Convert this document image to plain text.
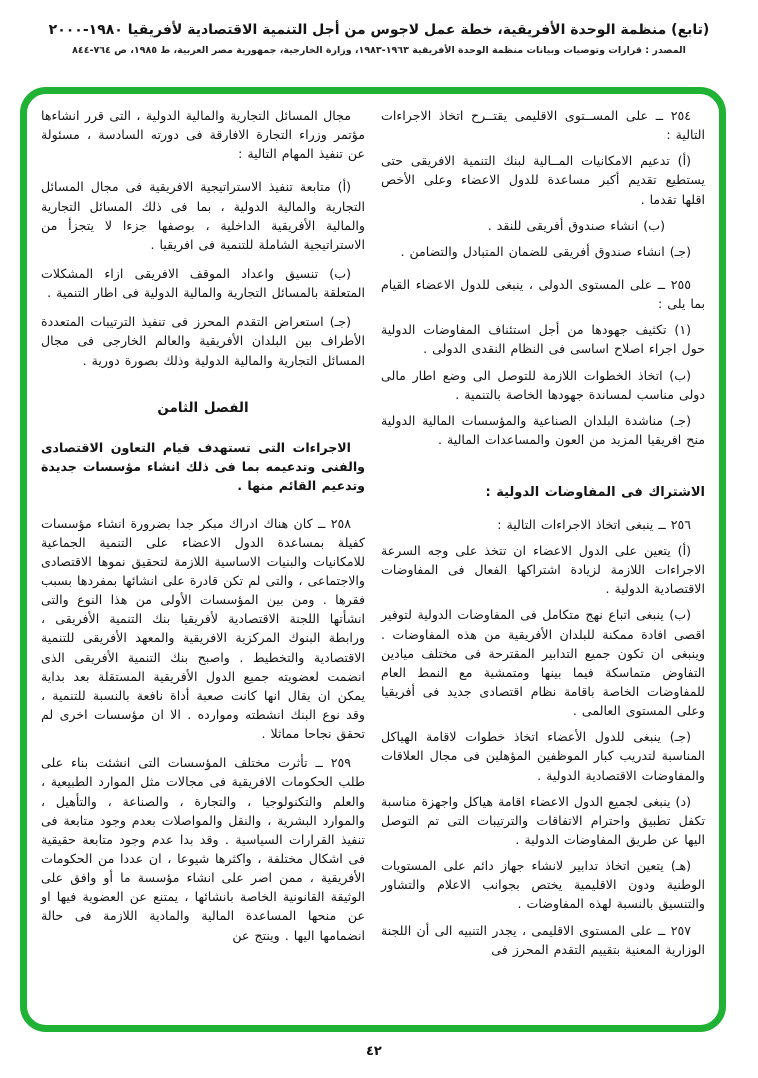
(تابع) منظمة الوحدة الأفريقية، خطة عمل لاجوس من أجل التنمية الاقتصادية لأفريقيا ١٩٨٠-٢٠٠٠
المصدر : قرارات وتوصيات وبيانات منظمة الوحدة الأفريقية ١٩٦٣-١٩٨٣، وزارة الخارجية، جمهورية مصر العربية، ط ١٩٨٥، ص ٧٦٤-٨٤٤

٢٥٤ ــ على المســتوى الاقليمى يقتــرح اتخاذ الاجراءات التالية :

(أ) تدعيم الامكانيات المــالية لبنك التنمية الافريقى حتى يستطيع تقديم أكبر مساعدة للدول الاعضاء وعلى الأخص اقلها تقدما .

(ب) انشاء صندوق أفريقى للنقد .

(جـ) انشاء صندوق أفريقى للضمان المتبادل والتضامن .

٢٥٥ ــ على المستوى الدولى ، ينبغى للدول الاعضاء القيام بما يلى :

(١) تكثيف جهودها من أجل استئناف المفاوضات الدولية حول اجراء اصلاح اساسى فى النظام النقدى الدولى .

(ب) اتخاذ الخطوات اللازمة للتوصل الى وضع اطار مالى دولى مناسب لمساندة جهودها الخاصة بالتنمية .

(جـ) مناشدة البلدان الصناعية والمؤسسات المالية الدولية منح افريقيا المزيد من العون والمساعدات المالية .

الاشتراك فى المفاوضات الدولية :

٢٥٦ ــ ينبغى اتخاذ الاجراءات التالية :

(أ) يتعين على الدول الاعضاء ان تتخذ على وجه السرعة الاجراءات اللازمة لزيادة اشتراكها الفعال فى المفاوضات الاقتصادية الدولية .

(ب) ينبغى اتباع نهج متكامل فى المفاوضات الدولية لتوفير اقصى افادة ممكنة للبلدان الأفريقية من هذه المفاوضات . وينبغى ان تكون جميع التدابير المقترحة فى مختلف ميادين التفاوض متماسكة فيما بينها ومتمشية مع النمط العام للمفاوضات الخاصة باقامة نظام اقتصادى جديد فى أفريقيا وعلى المستوى العالمى .

(جـ) ينبغى للدول الأعضاء اتخاذ خطوات لاقامة الهياكل المناسبة لتدريب كبار الموظفين المؤهلين فى مجال العلاقات والمفاوضات الاقتصادية الدولية .

(د) ينبغى لجميع الدول الاعضاء اقامة هياكل واجهزة مناسبة تكفل تطبيق واحترام الاتفاقات والترتيبات التى تم التوصل اليها عن طريق المفاوضات الدولية .

(هـ) يتعين اتخاذ تدابير لانشاء جهاز دائم على المستويات الوطنية ودون الاقليمية يختص بجوانب الاعلام والتشاور والتنسيق بالنسبة لهذه المفاوضات .

٢٥٧ ــ على المستوى الاقليمى ، يجدر التنبيه الى أن اللجنة الوزارية المعنية بتقييم التقدم المحرز فى

مجال المسائل التجارية والمالية الدولية ، التى قرر انشاءها مؤتمر وزراء التجارة الافارقة فى دورته السادسة ، مسئولة عن تنفيذ المهام التالية :

(أ) متابعة تنفيذ الاستراتيجية الافريقية فى مجال المسائل التجارية والمالية الدولية ، بما فى ذلك المسائل التجارية والمالية الأفريقية الداخلية ، بوصفها جزءا لا يتجزأ من الاستراتيجية الشاملة للتنمية فى افريقيا .

(ب) تنسيق واعداد الموقف الافريقى ازاء المشكلات المتعلقة بالمسائل التجارية والمالية الدولية فى اطار التنمية .

(جـ) استعراض التقدم المحرز فى تنفيذ الترتيبات المتعددة الأطراف بين البلدان الأفريقية والعالم الخارجى فى مجال المسائل التجارية والمالية الدولية وذلك بصورة دورية .

الفصل الثامن

الاجراءات التى تستهدف قيام التعاون الاقتصادى والفنى وتدعيمه بما فى ذلك انشاء مؤسسات جديدة وتدعيم القائم منها .

٢٥٨ ــ كان هناك ادراك مبكر جدا بضرورة انشاء مؤسسات كفيلة بمساعدة الدول الاعضاء على التنمية الجماعية للامكانيات والبنيات الاساسية اللازمة لتحقيق نموها الاقتصادى والاجتماعى ، والتى لم تكن قادرة على انشائها بمفردها بسبب فقرها . ومن بين المؤسسات الأولى من هذا النوع والتى انشأتها اللجنة الاقتصادية لأفريقيا بنك التنمية الأفريقى ، ورابطة البنوك المركزية الافريقية والمعهد الأفريقى للتنمية الاقتصادية والتخطيط . واصبح بنك التنمية الأفريقى الذى انضمت لعضويته جميع الدول الأفريقية المستقلة بعد بداية يمكن ان يقال انها كانت صعبة أداة نافعة بالنسبة للتنمية ، وقد نوع البنك انشطته وموارده . الا ان مؤسسات اخرى لم تحقق نجاحا مماثلا .

٢٥٩ ــ تأثرت مختلف المؤسسات التى انشئت بناء على طلب الحكومات الافريقية فى مجالات مثل الموارد الطبيعية ، والعلم والتكنولوجيا ، والتجارة ، والصناعة ، والتأهيل ، والموارد البشرية ، والنقل والمواصلات بعدم وجود متابعة فى تنفيذ القرارات السياسية . وقد بدا عدم وجود متابعة حقيقية فى اشكال مختلفة ، واكثرها شيوعا ، ان عددا من الحكومات الأفريقية ، ممن اصر على انشاء مؤسسة ما أو وافق على الوثيقة القانونية الخاصة بانشائها ، يمتنع عن العضوية فيها او عن منحها المساعدة المالية والمادية اللازمة فى حالة انضمامها اليها . وينتج عن

٤٢
